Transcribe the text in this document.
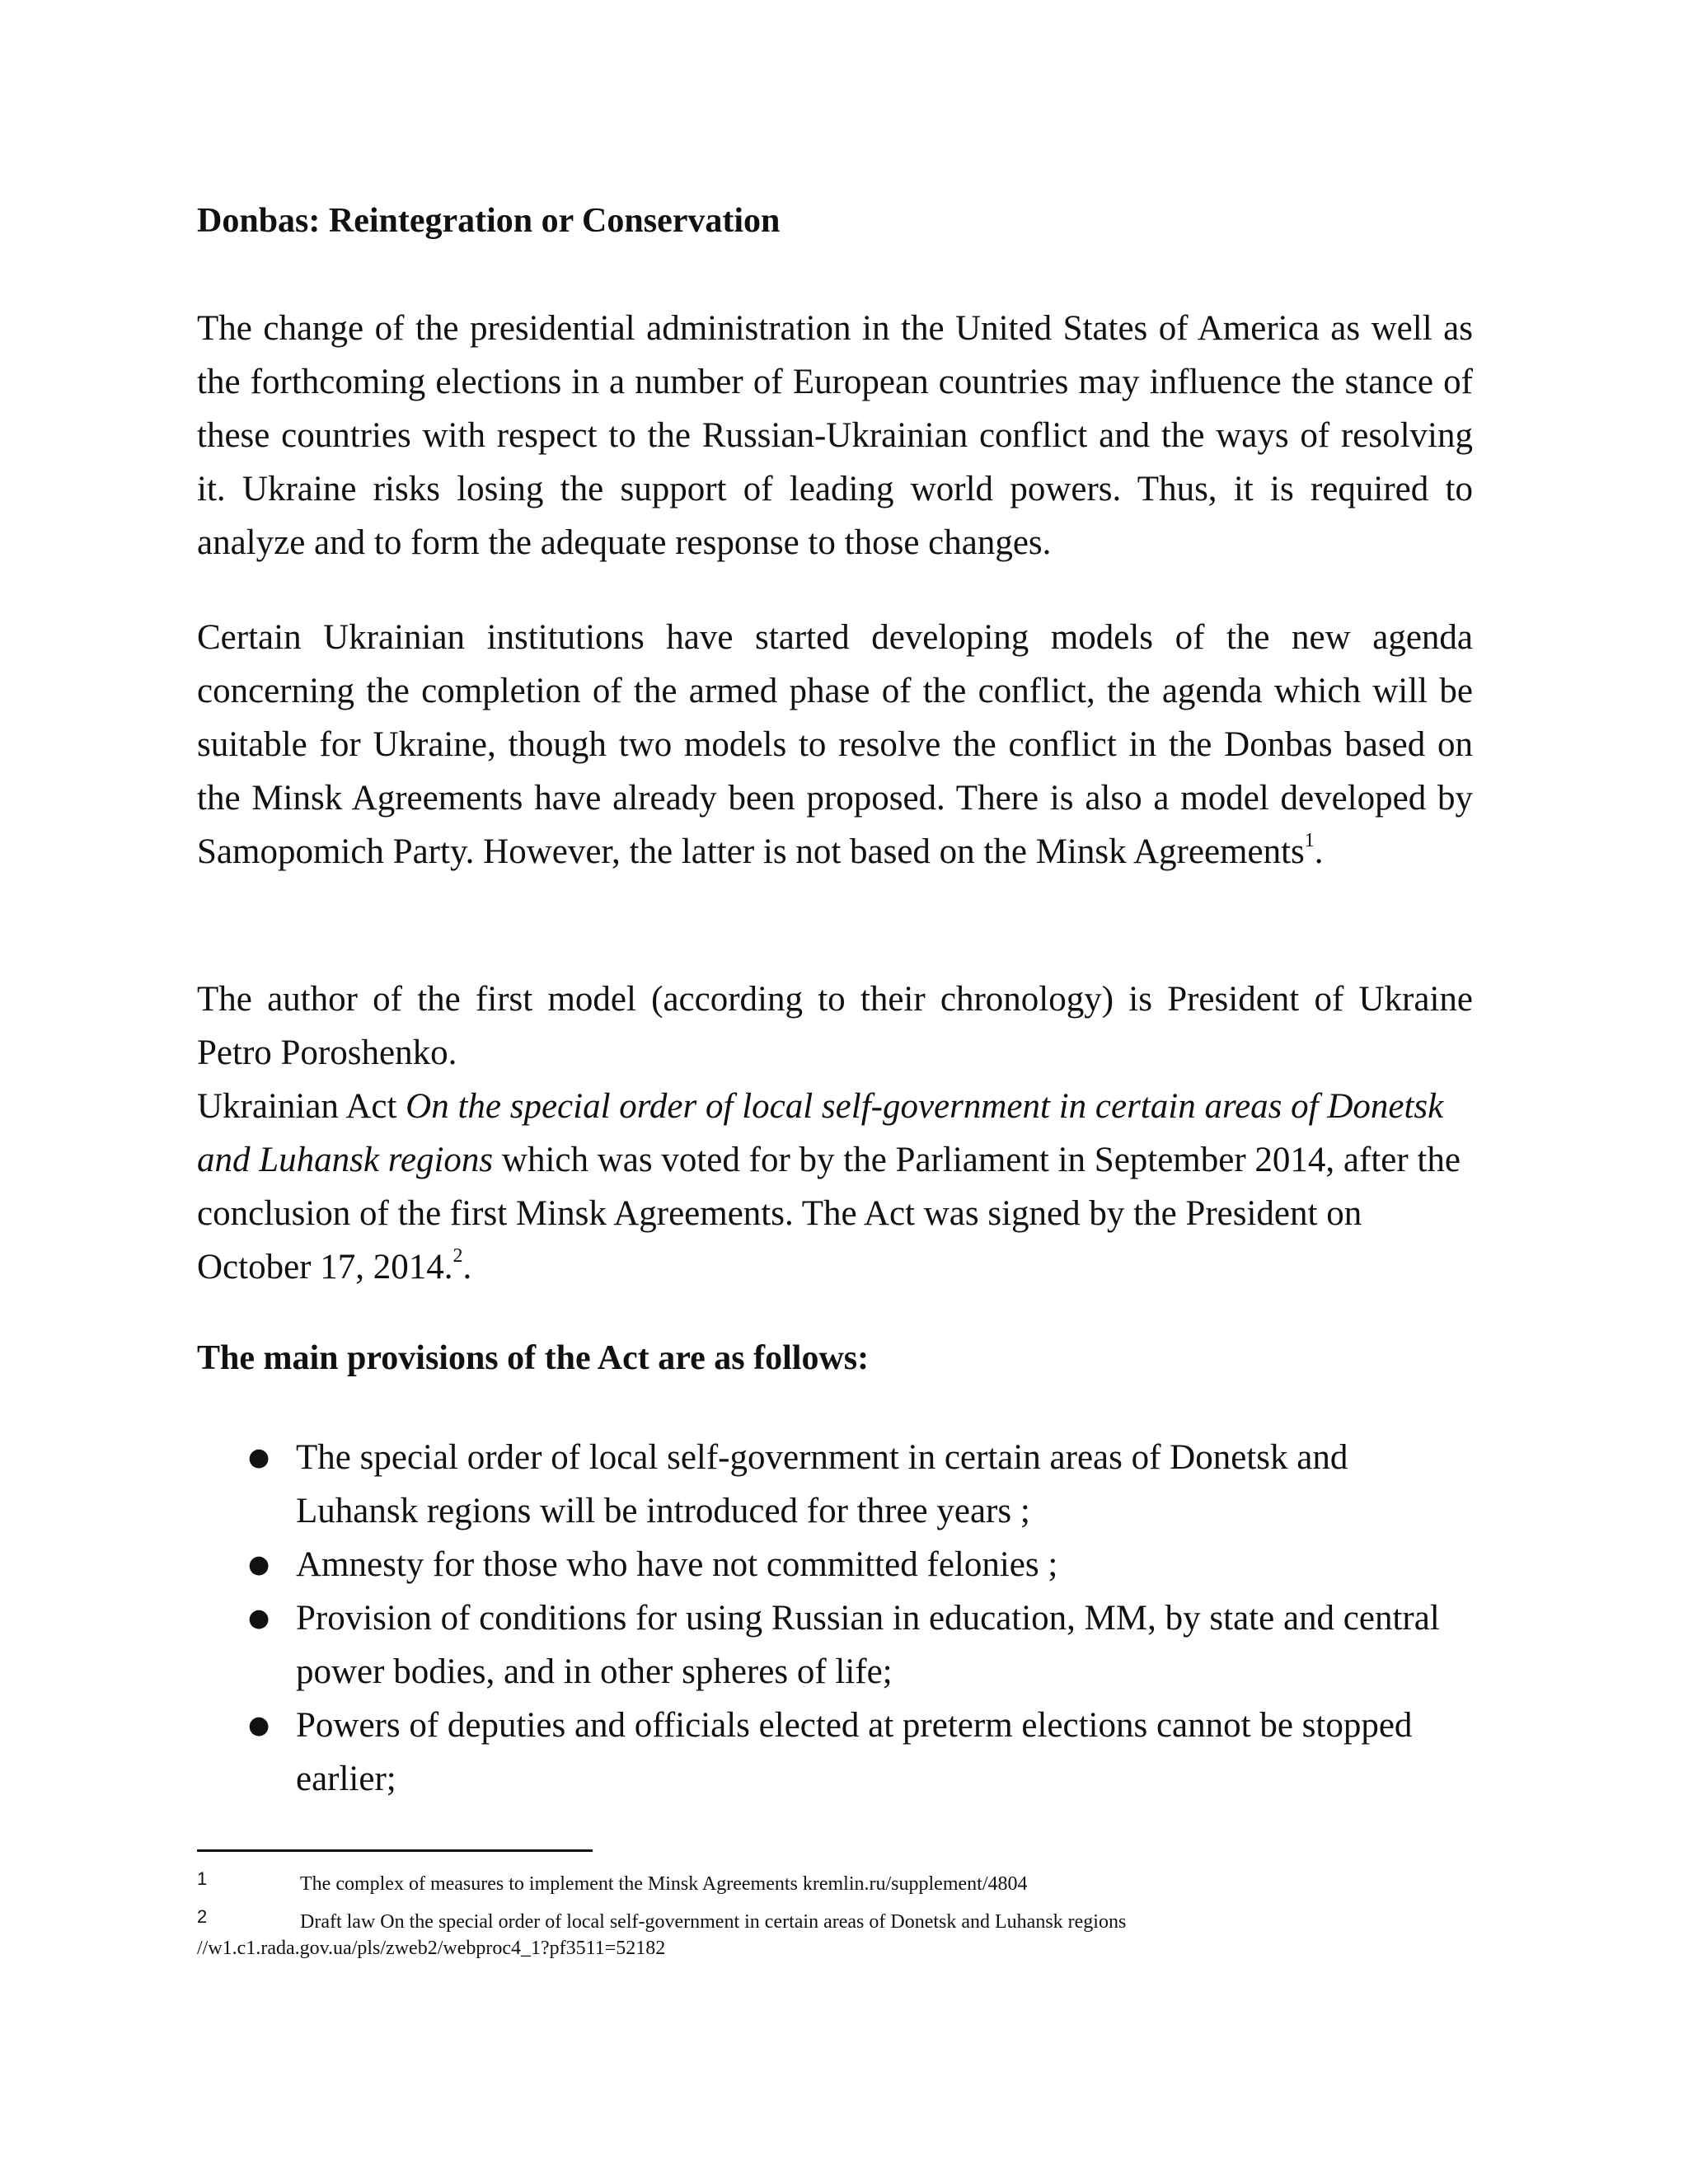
Donbas: Reintegration or Conservation

The change of the presidential administration in the United States of America as well as the forthcoming elections in a number of European countries may influence the stance of these countries with respect to the Russian-Ukrainian conflict and the ways of resolving it. Ukraine risks losing the support of leading world powers. Thus, it is required to analyze and to form the adequate response to those changes.

Certain Ukrainian institutions have started developing models of the new agenda concerning the completion of the armed phase of the conflict, the agenda which will be suitable for Ukraine, though two models to resolve the conflict in the Donbas based on the Minsk Agreements have already been proposed. There is also a model developed by Samopomich Party. However, the latter is not based on the Minsk Agreements$^1$.

The author of the first model (according to their chronology) is President of Ukraine Petro Poroshenko.

Ukrainian Act On the special order of local self-government in certain areas of Donetsk and Luhansk regions which was voted for by the Parliament in September 2014, after the conclusion of the first Minsk Agreements. The Act was signed by the President on October 17, 2014.$^2$.

The main provisions of the Act are as follows:
● The special order of local self-government in certain areas of Donetsk and Luhansk regions will be introduced for three years ;
● Amnesty for those who have not committed felonies ;
● Provision of conditions for using Russian in education, MM, by state and central power bodies, and in other spheres of life;
● Powers of deputies and officials elected at preterm elections cannot be stopped earlier;

1	The complex of measures to implement the Minsk Agreements kremlin.ru/supplement/4804

2	Draft law On the special order of local self-government in certain areas of Donetsk and Luhansk regions //w1.c1.rada.gov.ua/pls/zweb2/webproc4_1?pf3511=52182
